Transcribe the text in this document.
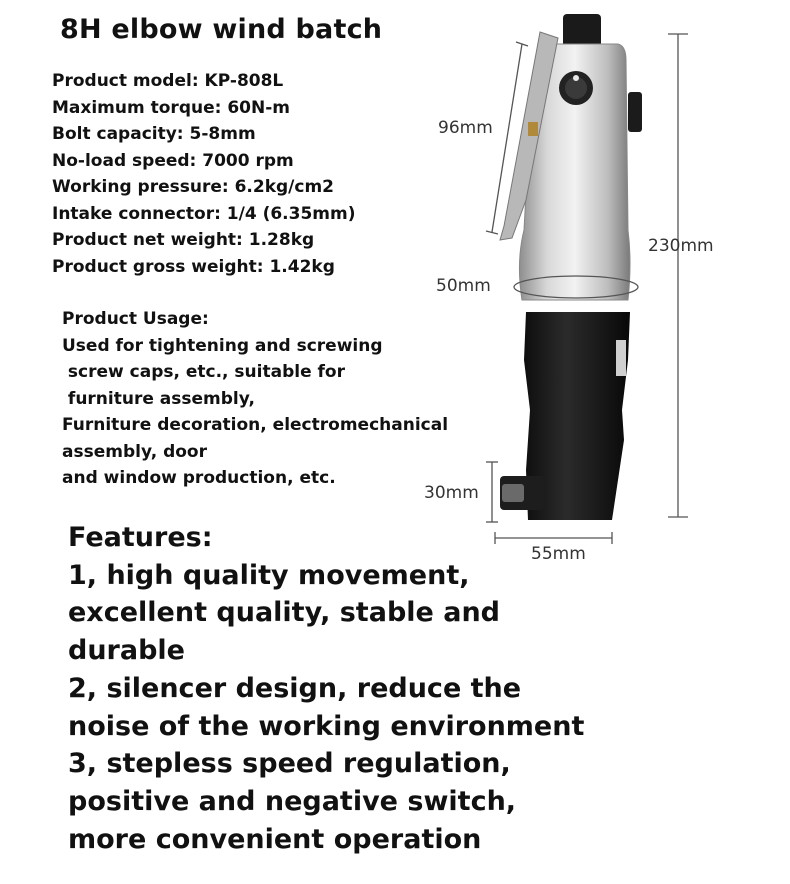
8H elbow wind batch
Product model: KP-808L
Maximum torque: 60N-m
Bolt capacity: 5-8mm
No-load speed: 7000 rpm
Working pressure: 6.2kg/cm2
Intake connector: 1/4 (6.35mm)
Product net weight: 1.28kg
Product gross weight: 1.42kg
Product Usage:
Used for tightening and screwing
screw caps, etc., suitable for
furniture assembly,
Furniture decoration, electromechanical
assembly, door
and window production, etc.
Features:
1, high quality movement,
excellent quality, stable and
durable
2, silencer design, reduce the
noise of the working environment
3, stepless speed regulation,
positive and negative switch,
more convenient operation
96mm
230mm
50mm
30mm
55mm
